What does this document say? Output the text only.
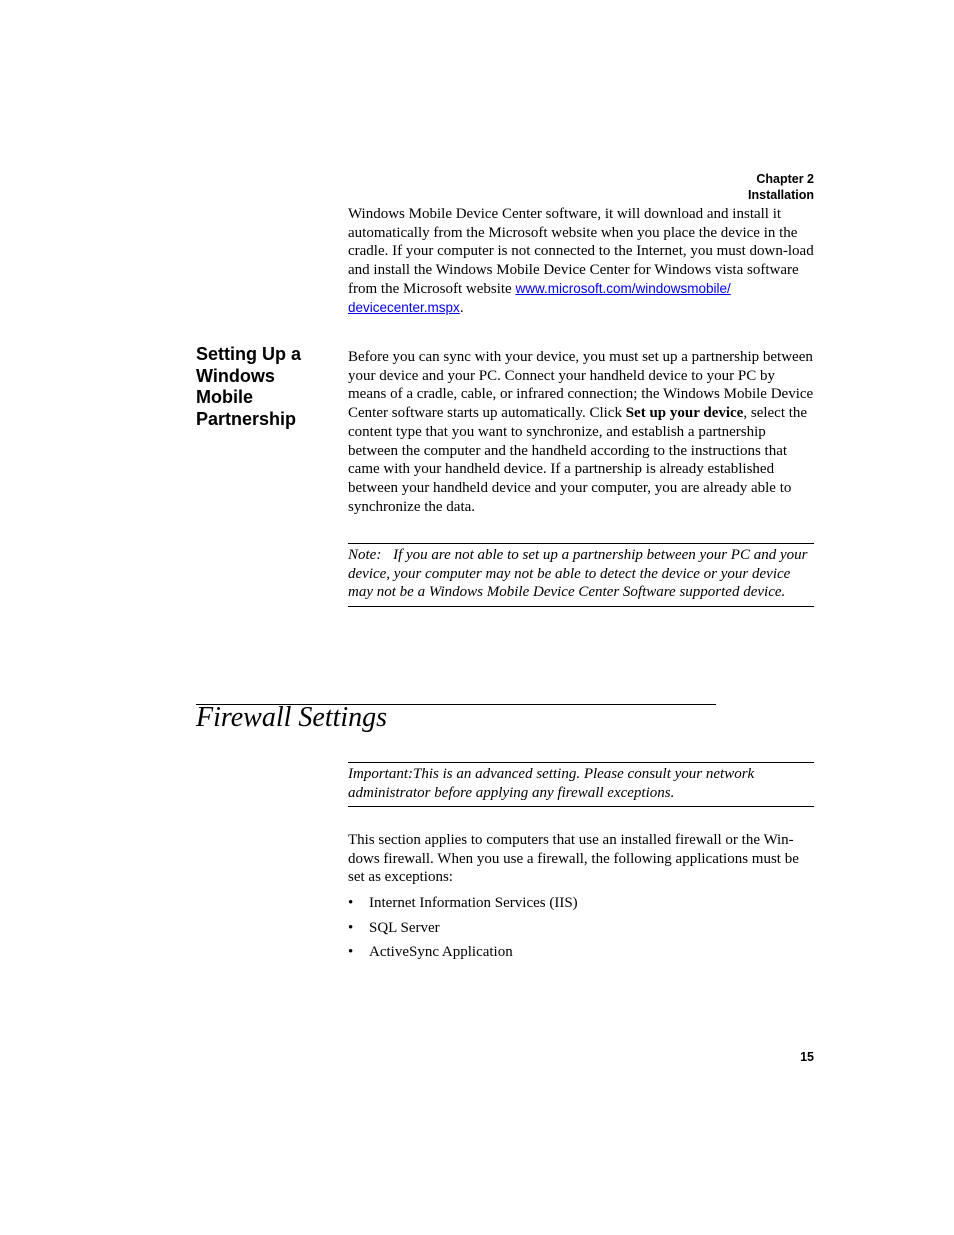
Chapter 2
Installation

Windows Mobile Device Center software, it will download and install it automatically from the Microsoft website when you place the device in the cradle. If your computer is not connected to the Internet, you must down-load and install the Windows Mobile Device Center for Windows vista software from the Microsoft website www.microsoft.com/windowsmobile/
devicecenter.mspx.

Setting Up a Windows Mobile Partnership

Before you can sync with your device, you must set up a partnership between your device and your PC. Connect your handheld device to your PC by means of a cradle, cable, or infrared connection; the Windows Mobile Device Center software starts up automatically. Click Set up your device, select the content type that you want to synchronize, and establish a partnership between the computer and the handheld according to the instructions that came with your handheld device. If a partnership is already established between your handheld device and your computer, you are already able to synchronize the data.

Note: If you are not able to set up a partnership between your PC and your device, your computer may not be able to detect the device or your device may not be a Windows Mobile Device Center Software supported device.
Firewall Settings
Important:This is an advanced setting. Please consult your network administrator before applying any firewall exceptions.

This section applies to computers that use an installed firewall or the Win-dows firewall. When you use a firewall, the following applications must be set as exceptions:

• Internet Information Services (IIS)
• SQL Server
• ActiveSync Application

15
